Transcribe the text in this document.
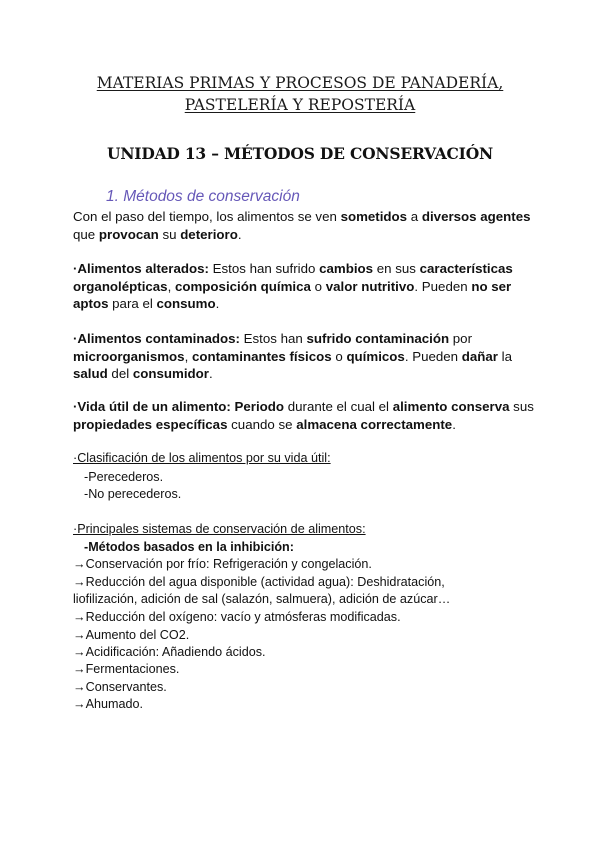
MATERIAS PRIMAS Y PROCESOS DE PANADERÍA,
PASTELERÍA Y REPOSTERÍA
UNIDAD 13 – MÉTODOS DE CONSERVACIÓN
1. Métodos de conservación
Con el paso del tiempo, los alimentos se ven sometidos a diversos agentes que provocan su deterioro.
·Alimentos alterados: Estos han sufrido cambios en sus características organolépticas, composición química o valor nutritivo. Pueden no ser aptos para el consumo.
·Alimentos contaminados: Estos han sufrido contaminación por microorganismos, contaminantes físicos o químicos. Pueden dañar la salud del consumidor.
·Vida útil de un alimento: Periodo durante el cual el alimento conserva sus propiedades específicas cuando se almacena correctamente.
·Clasificación de los alimentos por su vida útil:
-Perecederos.
-No perecederos.
·Principales sistemas de conservación de alimentos:
-Métodos basados en la inhibición:
→Conservación por frío: Refrigeración y congelación.
→Reducción del agua disponible (actividad agua): Deshidratación,
liofilización, adición de sal (salazón, salmuera), adición de azúcar…
→Reducción del oxígeno: vacío y atmósferas modificadas.
→Aumento del CO2.
→Acidificación: Añadiendo ácidos.
→Fermentaciones.
→Conservantes.
→Ahumado.
